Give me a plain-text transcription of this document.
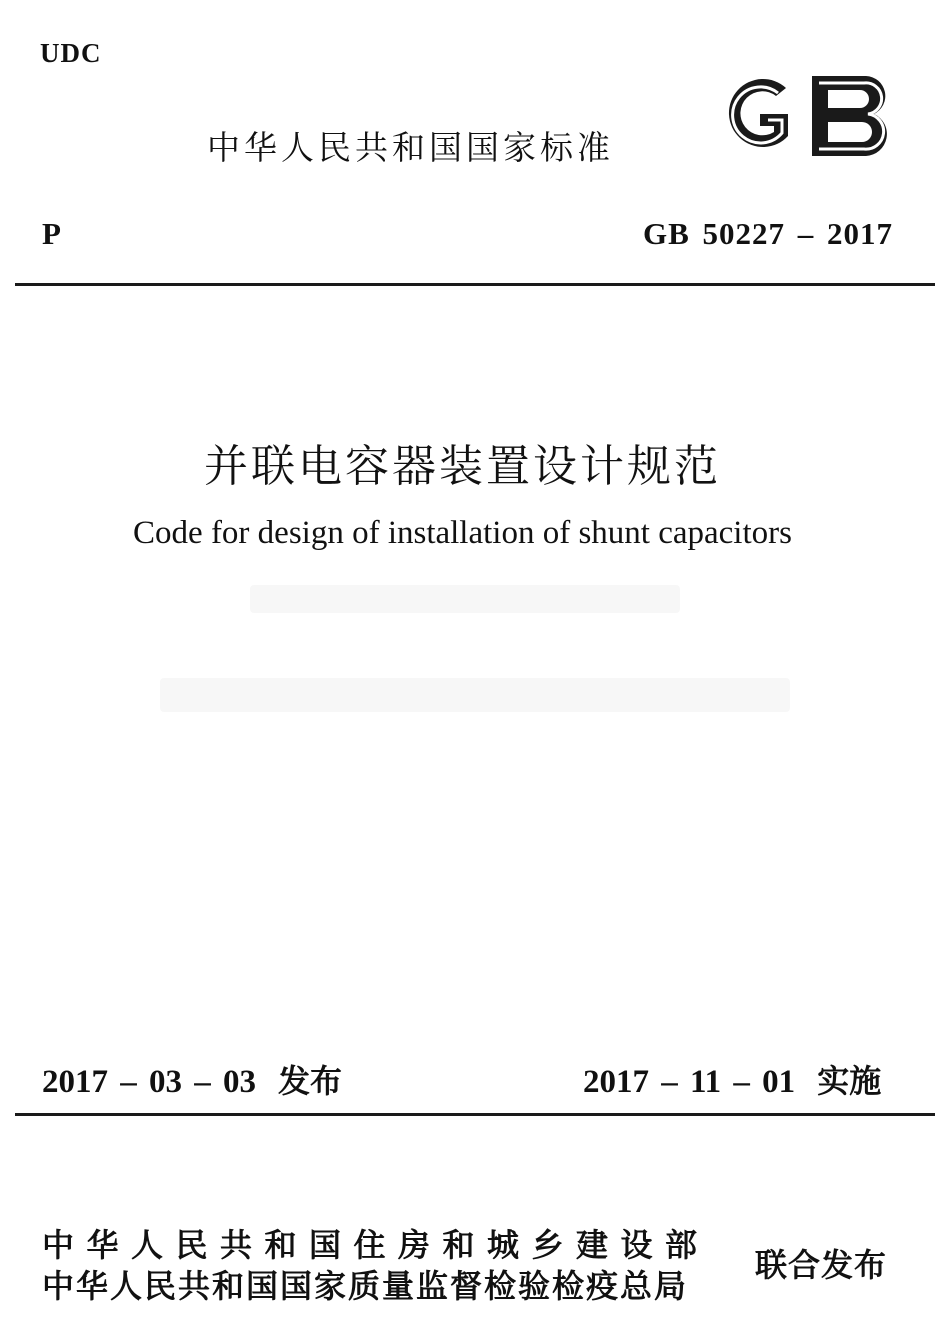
UDC
中华人民共和国国家标准
P	GB 50227 – 2017
并联电容器装置设计规范
Code for design of installation of shunt capacitors
2017 – 03 – 03 发布	2017 – 11 – 01 实施
中华人民共和国住房和城乡建设部
中华人民共和国国家质量监督检验检疫总局
联合发布
